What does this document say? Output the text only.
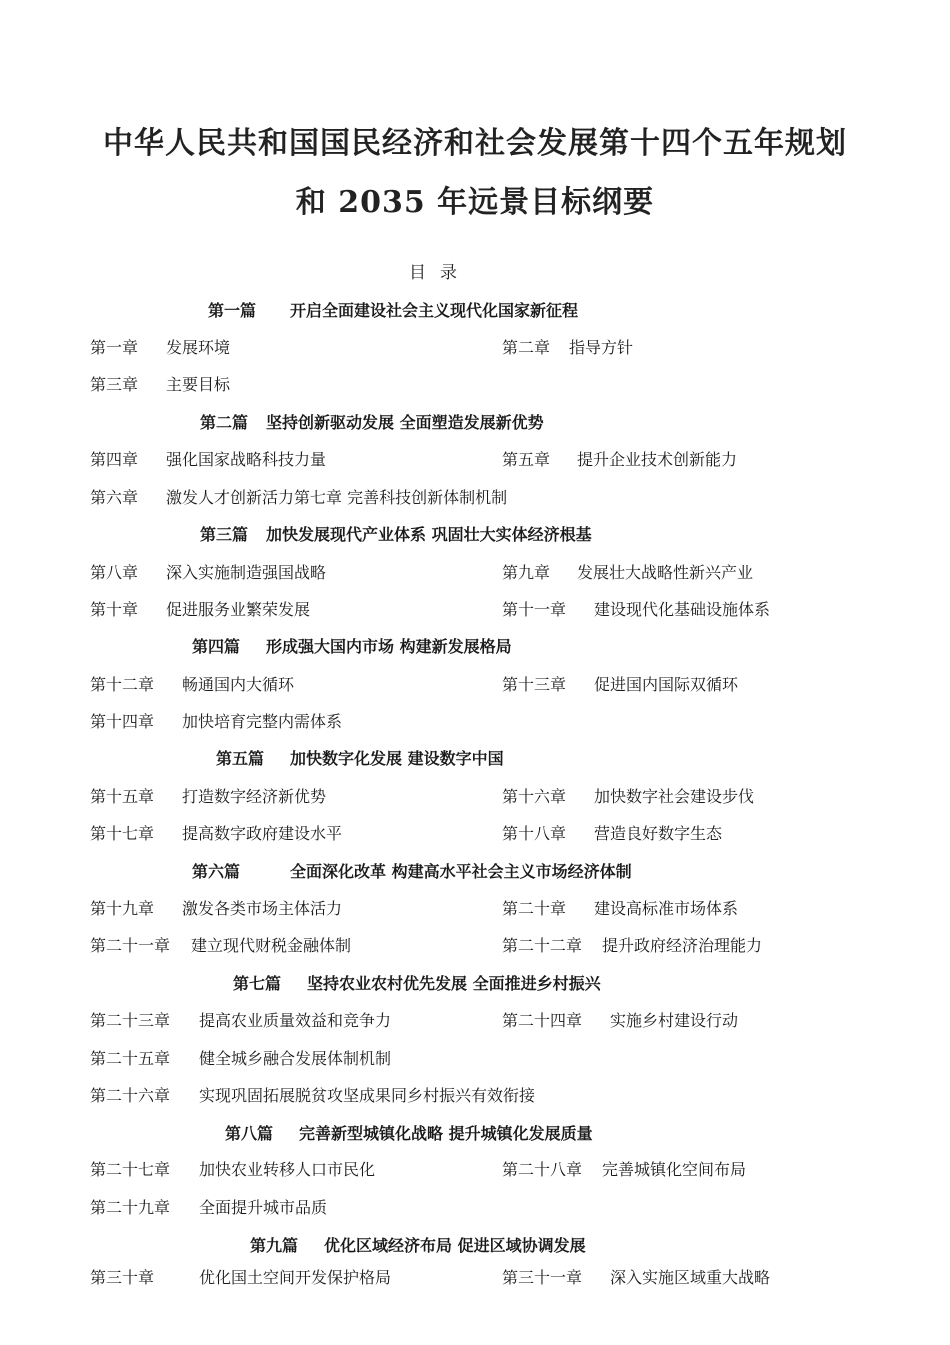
中华人民共和国国民经济和社会发展第十四个五年规划
和 2035 年远景目标纲要
目录
第一篇 开启全面建设社会主义现代化国家新征程
第一章 发展环境	第二章 指导方针
第三章 主要目标
第二篇 坚持创新驱动发展 全面塑造发展新优势
第四章 强化国家战略科技力量	第五章 提升企业技术创新能力
第六章 激发人才创新活力第七章 完善科技创新体制机制
第三篇 加快发展现代产业体系 巩固壮大实体经济根基
第八章 深入实施制造强国战略	第九章 发展壮大战略性新兴产业
第十章 促进服务业繁荣发展	第十一章 建设现代化基础设施体系
第四篇 形成强大国内市场 构建新发展格局
第十二章 畅通国内大循环	第十三章 促进国内国际双循环
第十四章 加快培育完整内需体系
第五篇 加快数字化发展 建设数字中国
第十五章 打造数字经济新优势	第十六章 加快数字社会建设步伐
第十七章 提高数字政府建设水平	第十八章 营造良好数字生态
第六篇	全面深化改革 构建高水平社会主义市场经济体制
第十九章 激发各类市场主体活力	第二十章 建设高标准市场体系
第二十一章 建立现代财税金融体制	第二十二章 提升政府经济治理能力
第七篇 坚持农业农村优先发展 全面推进乡村振兴
第二十三章 提高农业质量效益和竞争力	第二十四章 实施乡村建设行动
第二十五章 健全城乡融合发展体制机制
第二十六章 实现巩固拓展脱贫攻坚成果同乡村振兴有效衔接
第八篇 完善新型城镇化战略 提升城镇化发展质量
第二十七章 加快农业转移人口市民化	第二十八章 完善城镇化空间布局
第二十九章 全面提升城市品质
第九篇 优化区域经济布局 促进区域协调发展
第三十章	优化国土空间开发保护格局	第三十一章 深入实施区域重大战略
